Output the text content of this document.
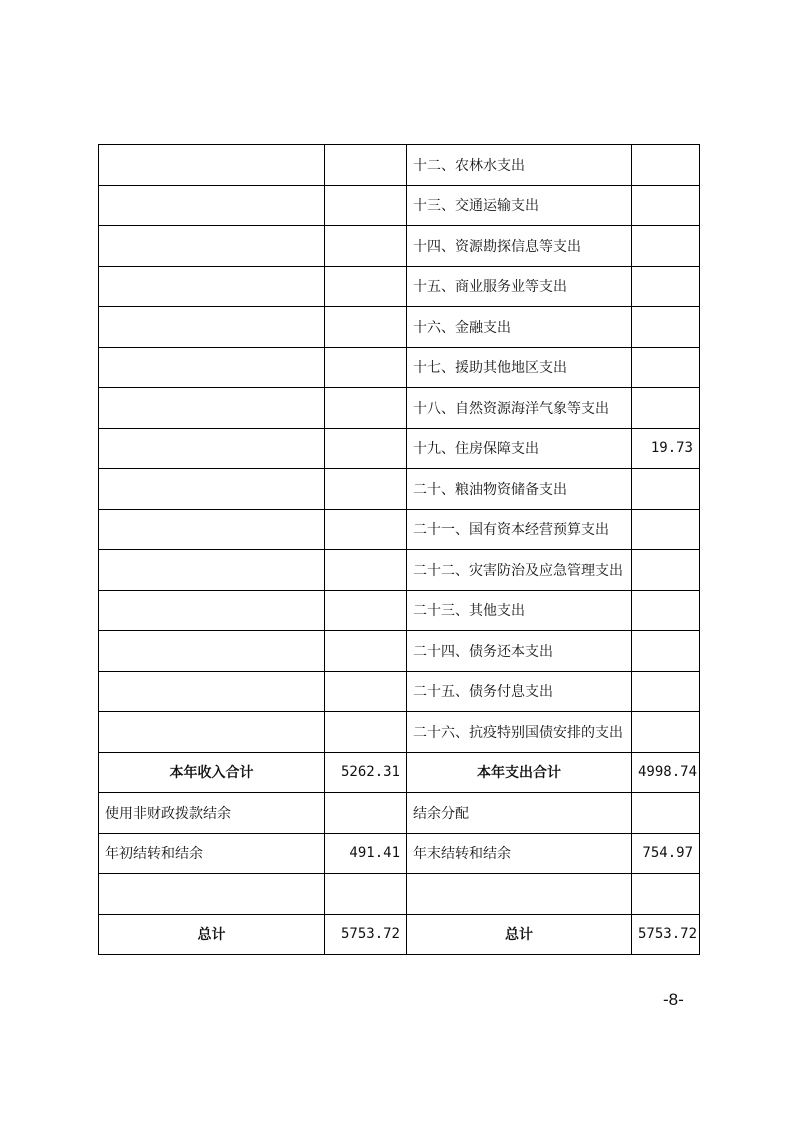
		十二、农林水支出	
		十三、交通运输支出	
		十四、资源勘探信息等支出	
		十五、商业服务业等支出	
		十六、金融支出	
		十七、援助其他地区支出	
		十八、自然资源海洋气象等支出	
		十九、住房保障支出	19.73
		二十、粮油物资储备支出	
		二十一、国有资本经营预算支出	
		二十二、灾害防治及应急管理支出	
		二十三、其他支出	
		二十四、债务还本支出	
		二十五、债务付息支出	
		二十六、抗疫特别国债安排的支出	
本年收入合计	5262.31	本年支出合计	4998.74
使用非财政拨款结余		结余分配	
年初结转和结余	491.41	年末结转和结余	754.97

总计	5753.72	总计	5753.72
-8-
